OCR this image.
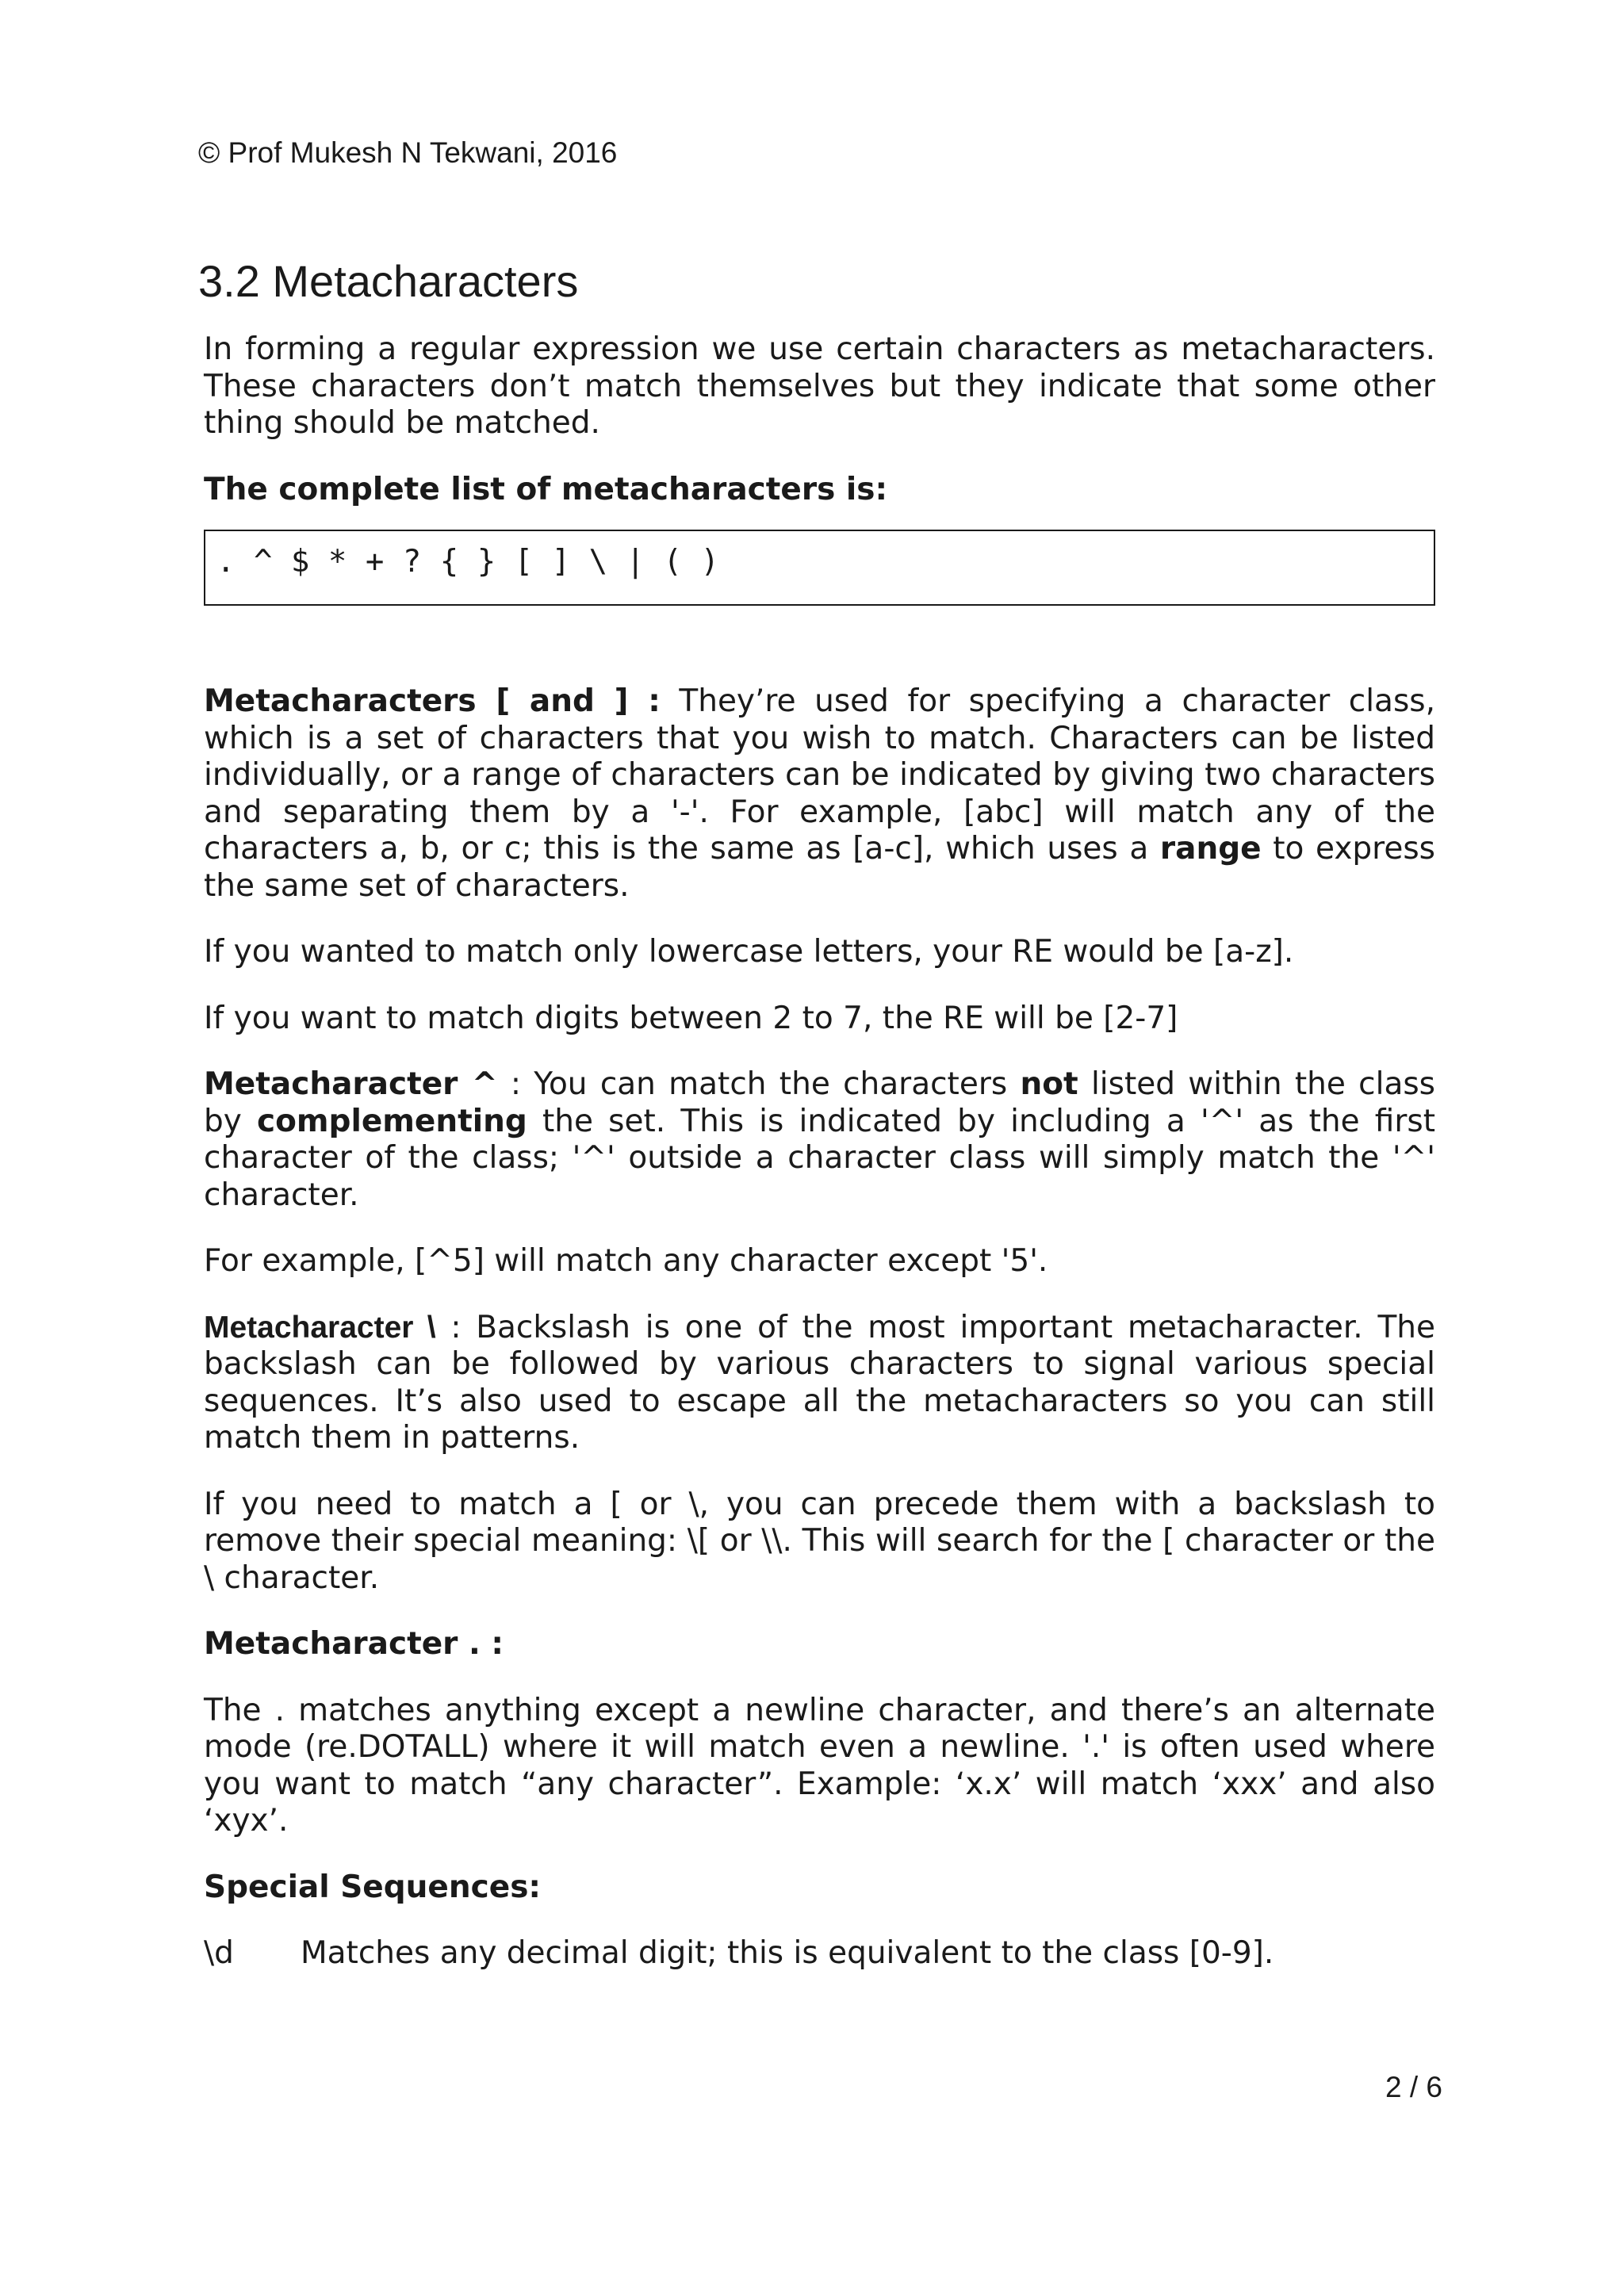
© Prof Mukesh N Tekwani, 2016
3.2 Metacharacters

In forming a regular expression we use certain characters as metacharacters. These characters don’t match themselves but they indicate that some other thing should be matched.

The complete list of metacharacters is:

. ^ $ * + ? { } [ ] \ | ( )

Metacharacters [ and ] : They’re used for specifying a character class, which is a set of characters that you wish to match. Characters can be listed individually, or a range of characters can be indicated by giving two characters and separating them by a '-'. For example, [abc] will match any of the characters a, b, or c; this is the same as [a-c], which uses a range to express the same set of characters.

If you wanted to match only lowercase letters, your RE would be [a-z].

If you want to match digits between 2 to 7, the RE will be [2-7]

Metacharacter ^ : You can match the characters not listed within the class by complementing the set. This is indicated by including a '^' as the first character of the class; '^' outside a character class will simply match the '^' character.

For example, [^5] will match any character except '5'.

Metacharacter \ : Backslash is one of the most important metacharacter. The backslash can be followed by various characters to signal various special sequences. It’s also used to escape all the metacharacters so you can still match them in patterns.

If you need to match a [ or \, you can precede them with a backslash to remove their special meaning: \[ or \\. This will search for the [ character or the \ character.

Metacharacter . :

The . matches anything except a newline character, and there’s an alternate mode (re.DOTALL) where it will match even a newline. '.' is often used where you want to match “any character”. Example: ‘x.x’ will match ‘xxx’ and also ‘xyx’.

Special Sequences:

\d	Matches any decimal digit; this is equivalent to the class [0-9].
2 / 6
